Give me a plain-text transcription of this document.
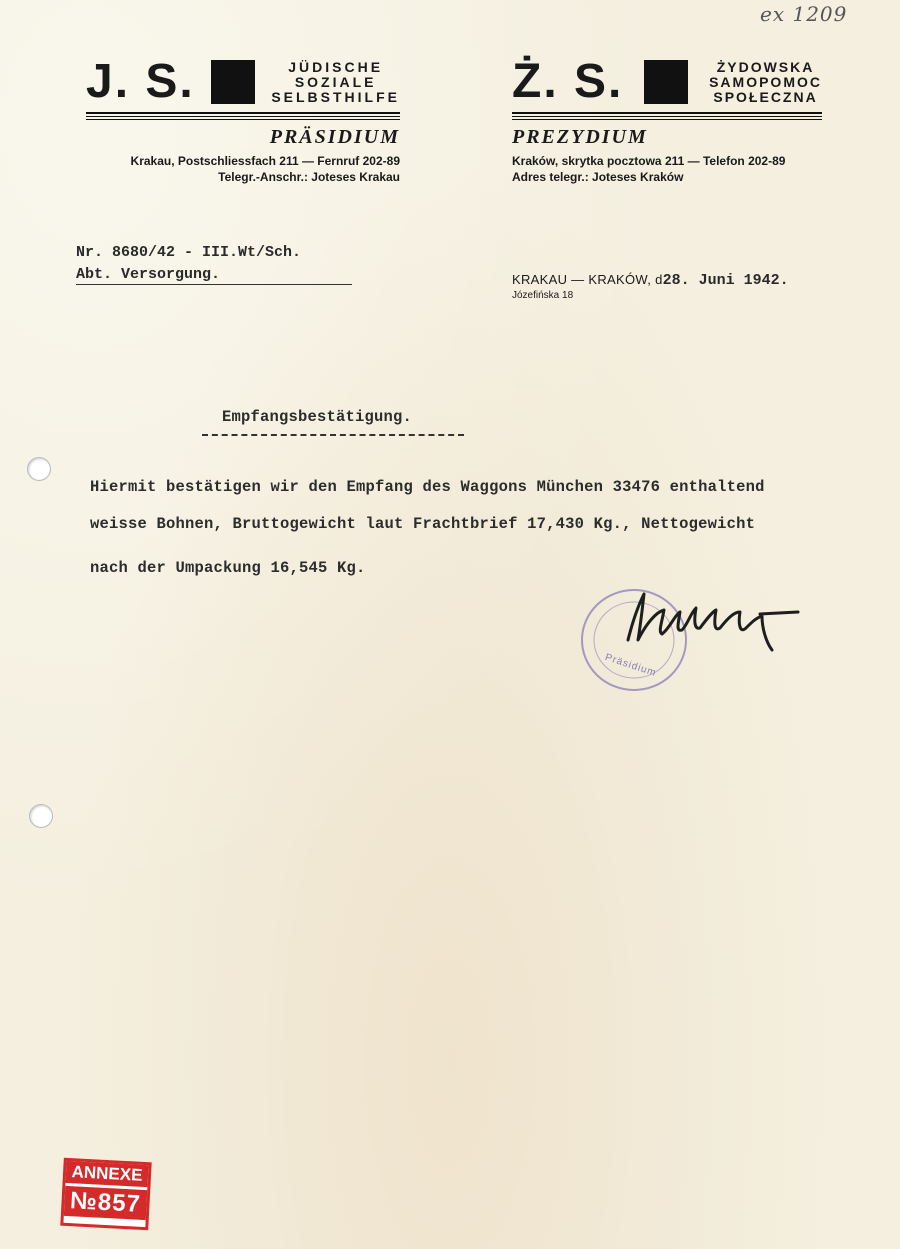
ex 1209
J. S.	JÜDISCHE
SOZIALE
SELBSTHILFE
PRÄSIDIUM
Krakau, Postschliessfach 211 — Fernruf 202-89
Telegr.-Anschr.: Joteses Krakau
Ż. S.	ŻYDOWSKA
SAMOPOMOC
SPOŁECZNA
PREZYDIUM
Kraków, skrytka pocztowa 211 — Telefon 202-89
Adres telegr.: Joteses Kraków
Nr. 8680/42 - III.Wt/Sch.
Abt. Versorgung.	KRAKAU — KRAKÓW, d 28. Juni 1942.
Józefińska 18
Empfangsbestätigung.
Hiermit bestätigen wir den Empfang des Waggons München 33476 enthaltend
weisse Bohnen, Bruttogewicht laut Frachtbrief 17,430 Kg., Nettogewicht
nach der Umpackung 16,545 Kg.
Präsidium
ANNEXE
№857
